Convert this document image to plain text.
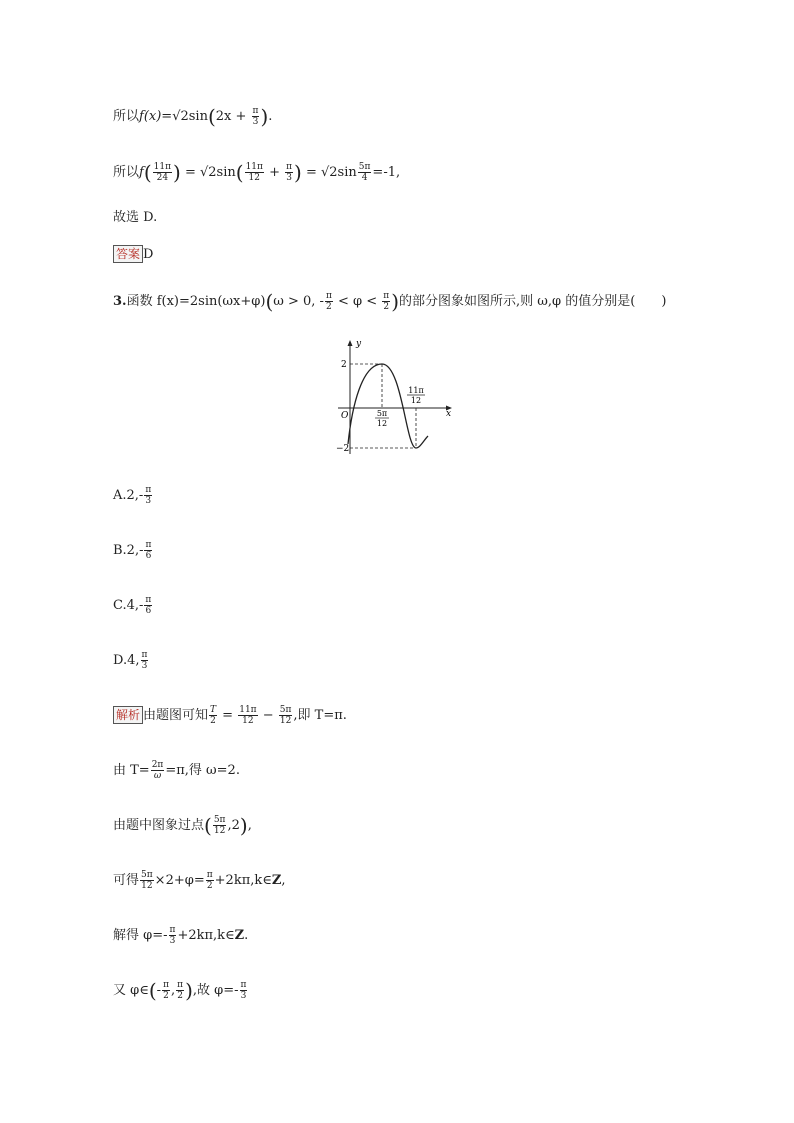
所以$f(x)=√2\sin(2x + \frac{\pi}{3}$ ).
所以$f( \frac{11\pi}{24}$ ) = $√2\sin( \frac{11\pi}{12} + \frac{\pi}{3}$ ) = $√2\sin \frac{5\pi}{4} =-1$,
故选 D.
答案 D
3.函数 f(x)=2sin(ωx+φ)(ω > 0, - $\frac{\pi}{2} < \varphi < \frac{\pi}{2}$ )的部分图象如图所示,则 ω,φ 的值分别是(　　)
y
x
O
2
−2
5π
12
11π
12
$A.2,- \frac{\pi}{3}$
$B.2,- \frac{\pi}{6}$
$C.4,- \frac{\pi}{6}$
D.4, $\frac{\pi}{3}$
解析 由题图可知 $\frac{T}{2} = \frac{11\pi}{12} - \frac{5\pi}{12}$ ,即 T=π.
由 $T= \frac{2\pi}{\omega} =\pi$,得 ω=2.
由题中图象过点( $\frac{5\pi}{12} ,2$),
可得 $\frac{5\pi}{12} \times 2+\varphi= \frac{\pi}{2}$ +2kπ,k∈Z,
解得 $\varphi=- \frac{\pi}{3}$ +2kπ,k∈Z.
又 φ∈(- $\frac{\pi}{2}$ , $\frac{\pi}{2}$ ),故 $\varphi=- \frac{\pi}{3}$
